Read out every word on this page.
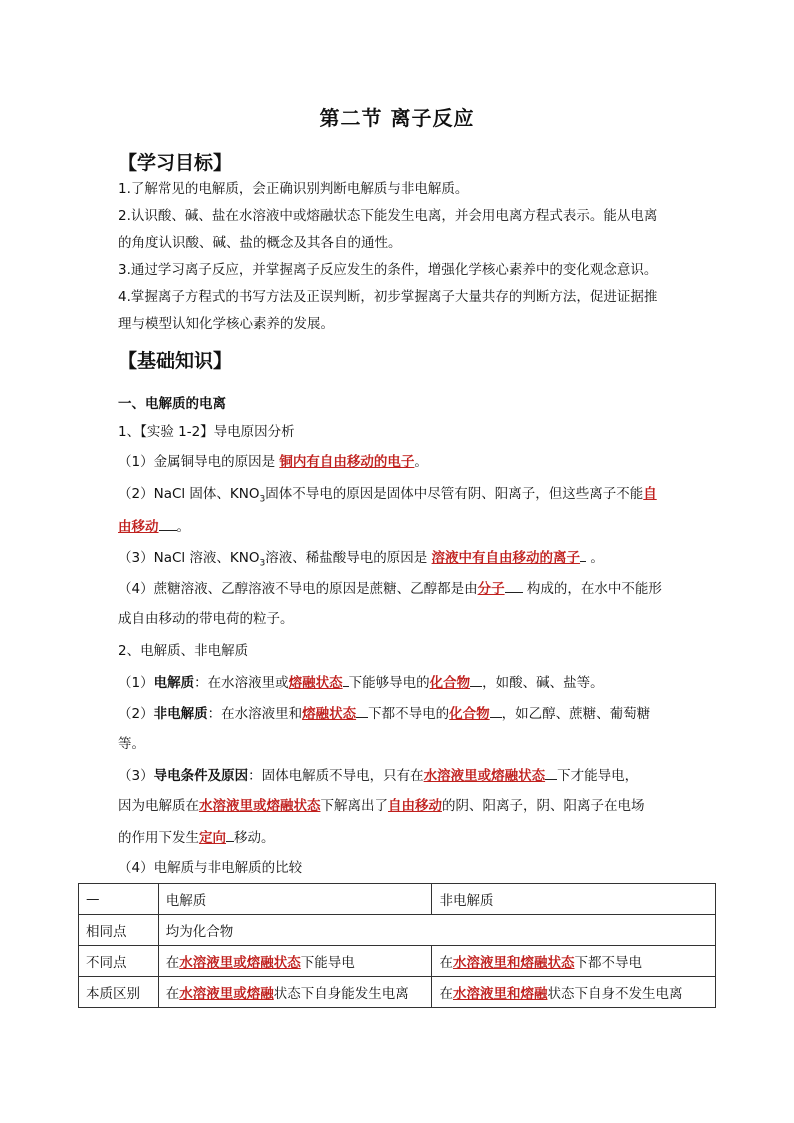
第二节 离子反应
【学习目标】
1.了解常见的电解质，会正确识别判断电解质与非电解质。
2.认识酸、碱、盐在水溶液中或熔融状态下能发生电离，并会用电离方程式表示。能从电离
的角度认识酸、碱、盐的概念及其各自的通性。
3.通过学习离子反应，并掌握离子反应发生的条件，增强化学核心素养中的变化观念意识。
4.掌握离子方程式的书写方法及正误判断，初步掌握离子大量共存的判断方法，促进证据推
理与模型认知化学核心素养的发展。
【基础知识】
一、电解质的电离
1、【实验 1-2】导电原因分析
（1）金属铜导电的原因是 铜内有自由移动的电子。
（2）NaCl 固体、$KNO_3$固体不导电的原因是固体中尽管有阴、阳离子，但这些离子不能自
由移动 。
（3）NaCl 溶液、$KNO_3$溶液、稀盐酸导电的原因是 溶液中有自由移动的离子 。
（4）蔗糖溶液、乙醇溶液不导电的原因是蔗糖、乙醇都是由分子 构成的，在水中不能形
成自由移动的带电荷的粒子。
2、电解质、非电解质
（1）电解质：在水溶液里或熔融状态 下能够导电的化合物 ，如酸、碱、盐等。
（2）非电解质：在水溶液里和熔融状态 下都不导电的化合物 ，如乙醇、蔗糖、葡萄糖
等。
（3）导电条件及原因：固体电解质不导电，只有在水溶液里或熔融状态 下才能导电，
因为电解质在水溶液里或熔融状态下解离出了自由移动的阴、阳离子，阴、阳离子在电场
的作用下发生定向 移动。
（4）电解质与非电解质的比较
—	电解质	非电解质
相同点	均为化合物	
不同点	在水溶液里或熔融状态下能导电	在水溶液里和熔融状态下都不导电
本质区别	在水溶液里或熔融状态下自身能发生电离	在水溶液里和熔融状态下自身不发生电离
